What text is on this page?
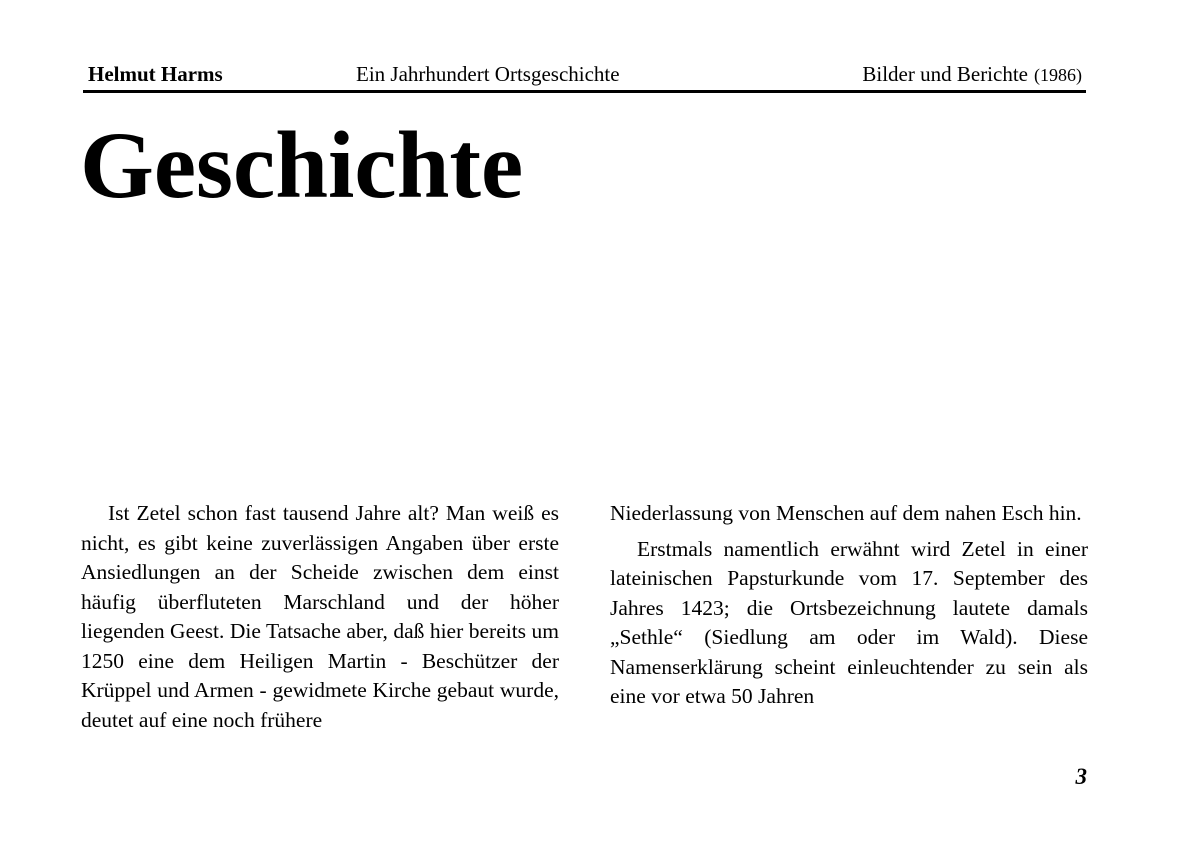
Helmut Harms	Ein Jahrhundert Ortsgeschichte	Bilder und Berichte (1986)
Geschichte

Ist Zetel schon fast tausend Jahre alt? Man weiß es nicht, es gibt keine zuverlässigen Angaben über erste Ansiedlungen an der Scheide zwischen dem einst häufig überfluteten Marschland und der höher liegenden Geest. Die Tatsache aber, daß hier bereits um 1250 eine dem Heiligen Martin - Beschützer der Krüppel und Armen - gewidmete Kirche gebaut wurde, deutet auf eine noch frühere

Niederlassung von Menschen auf dem nahen Esch hin.

Erstmals namentlich erwähnt wird Zetel in einer lateinischen Papsturkunde vom 17. September des Jahres 1423; die Ortsbezeichnung lautete damals „Sethle“ (Siedlung am oder im Wald). Diese Namenserklärung scheint einleuchtender zu sein als eine vor etwa 50 Jahren

3
